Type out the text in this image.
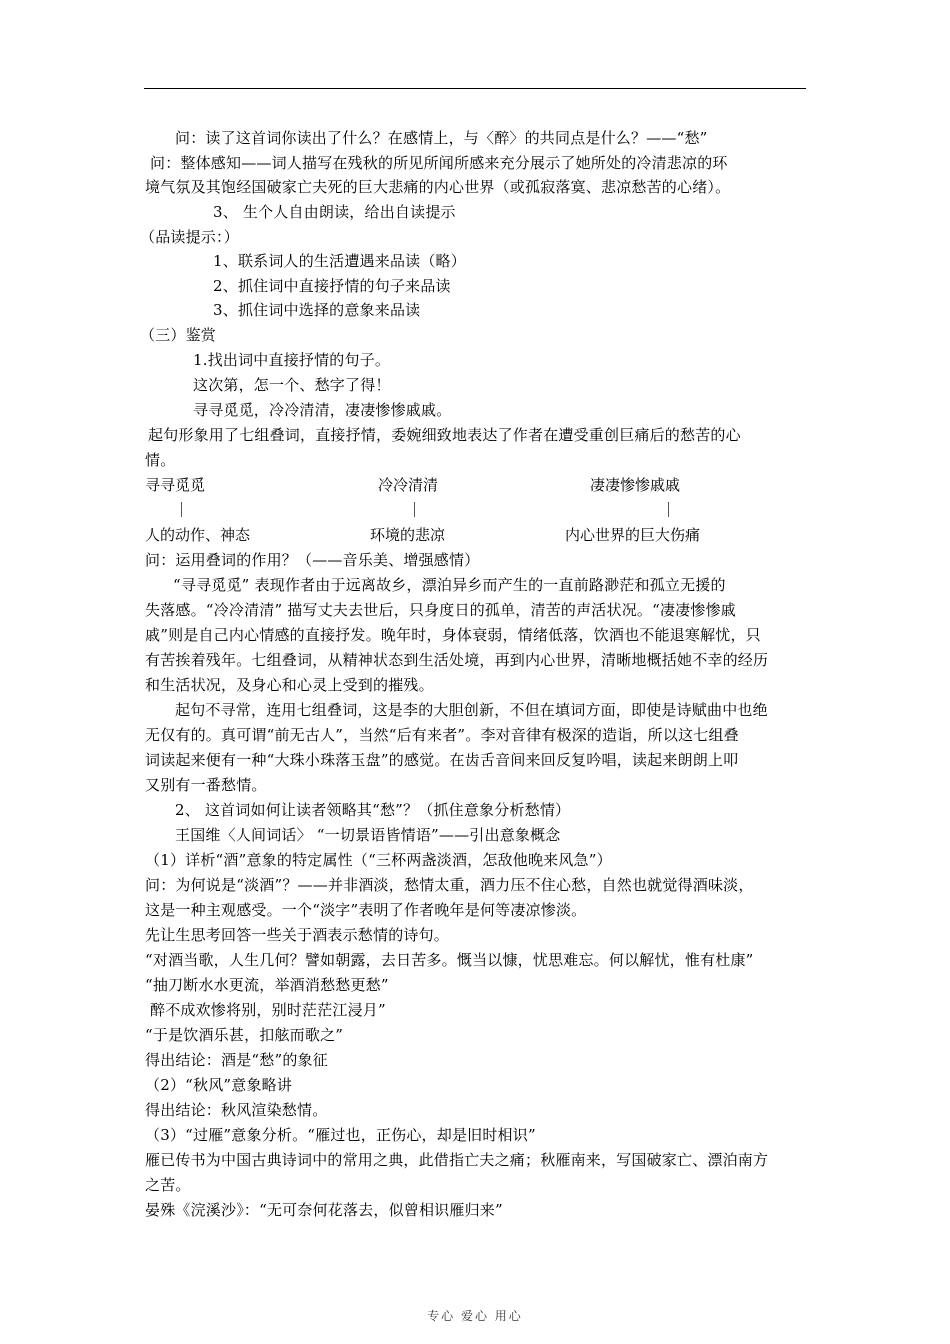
问：读了这首词你读出了什么？在感情上，与〈醉〉的共同点是什么？——“愁”
问：整体感知——词人描写在残秋的所见所闻所感来充分展示了她所处的冷清悲凉的环
境气氛及其饱经国破家亡夫死的巨大悲痛的内心世界（或孤寂落寞、悲凉愁苦的心绪）。
3、 生个人自由朗读，给出自读提示
（品读提示：）
1、联系词人的生活遭遇来品读（略）
2、抓住词中直接抒情的句子来品读
3、抓住词中选择的意象来品读
（三）鉴赏
1.找出词中直接抒情的句子。
这次第，怎一个、愁字了得！
寻寻觅觅，冷冷清清，凄凄惨惨戚戚。
起句形象用了七组叠词，直接抒情，委婉细致地表达了作者在遭受重创巨痛后的愁苦的心
情。
问：运用叠词的作用？（——音乐美、增强感情）
“寻寻觅觅” 表现作者由于远离故乡，漂泊异乡而产生的一直前路渺茫和孤立无援的
失落感。“冷冷清清” 描写丈夫去世后，只身度日的孤单，清苦的声活状况。“凄凄惨惨戚
戚”则是自己内心情感的直接抒发。晚年时，身体衰弱，情绪低落，饮酒也不能退寒解忧，只
有苦挨着残年。七组叠词，从精神状态到生活处境，再到内心世界，清晰地概括她不幸的经历
和生活状况，及身心和心灵上受到的摧残。
起句不寻常，连用七组叠词，这是李的大胆创新，不但在填词方面，即使是诗赋曲中也绝
无仅有的。真可谓“前无古人”，当然“后有来者”。李对音律有极深的造诣，所以这七组叠
词读起来便有一种“大珠小珠落玉盘”的感觉。在齿舌音间来回反复吟唱，读起来朗朗上叩
又别有一番愁情。
2、 这首词如何让读者领略其“愁”？（抓住意象分析愁情）
王国维〈人间词话〉 “一切景语皆情语”——引出意象概念
（1）详析“酒”意象的特定属性（“三杯两盏淡酒，怎敌他晚来风急”）
问：为何说是“淡酒”？——并非酒淡，愁情太重，酒力压不住心愁，自然也就觉得酒味淡，
这是一种主观感受。一个“淡字”表明了作者晚年是何等凄凉惨淡。
先让生思考回答一些关于酒表示愁情的诗句。
“对酒当歌，人生几何？譬如朝露，去日苦多。慨当以慷，忧思难忘。何以解忧，惟有杜康”
“抽刀断水水更流，举酒消愁愁更愁”
醉不成欢惨将别，别时茫茫江浸月”
“于是饮酒乐甚，扣舷而歌之”
得出结论：酒是“愁”的象征
（2）“秋风”意象略讲
得出结论：秋风渲染愁情。
（3）“过雁”意象分析。“雁过也，正伤心，却是旧时相识”
雁已传书为中国古典诗词中的常用之典，此借指亡夫之痛；秋雁南来，写国破家亡、漂泊南方
之苦。
晏殊《浣溪沙》：“无可奈何花落去，似曾相识雁归来”
寻寻觅觅	冷冷清清	凄凄惨惨戚戚
人的动作、神态	环境的悲凉	内心世界的巨大伤痛
专心 爱心 用心
